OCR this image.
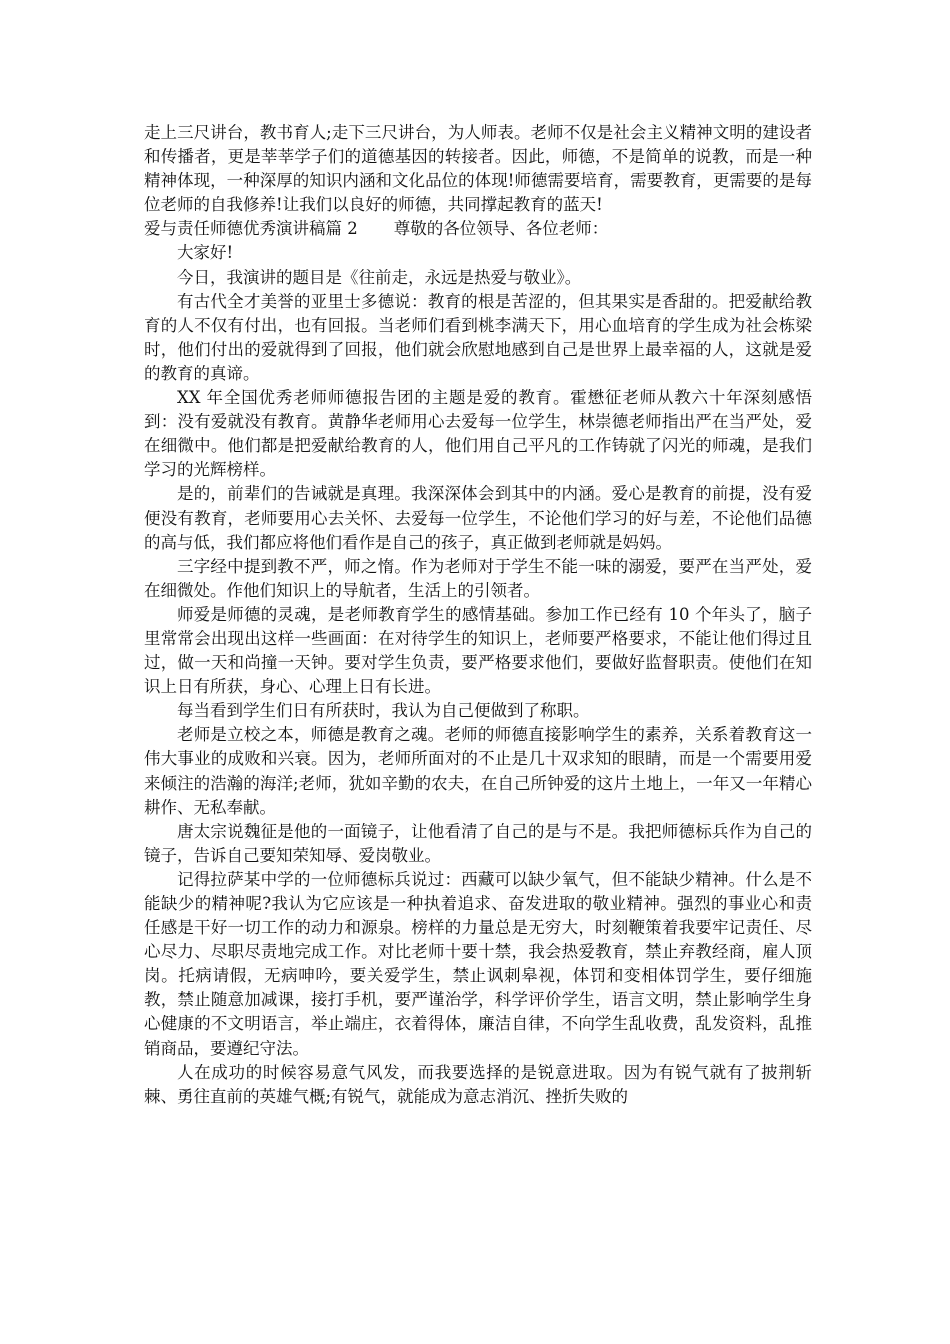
走上三尺讲台，教书育人;走下三尺讲台，为人师表。老师不仅是社会主义精神文明的建设者和传播者，更是莘莘学子们的道德基因的转接者。因此，师德，不是简单的说教，而是一种精神体现，一种深厚的知识内涵和文化品位的体现!师德需要培育，需要教育，更需要的是每位老师的自我修养!让我们以良好的师德，共同撑起教育的蓝天!

爱与责任师德优秀演讲稿篇 2 尊敬的各位领导、各位老师：

大家好!

今日，我演讲的题目是《往前走，永远是热爱与敬业》。

有古代全才美誉的亚里士多德说：教育的根是苦涩的，但其果实是香甜的。把爱献给教育的人不仅有付出，也有回报。当老师们看到桃李满天下，用心血培育的学生成为社会栋梁时，他们付出的爱就得到了回报，他们就会欣慰地感到自己是世界上最幸福的人，这就是爱的教育的真谛。

XX 年全国优秀老师师德报告团的主题是爱的教育。霍懋征老师从教六十年深刻感悟到：没有爱就没有教育。黄静华老师用心去爱每一位学生，林崇德老师指出严在当严处，爱在细微中。他们都是把爱献给教育的人，他们用自己平凡的工作铸就了闪光的师魂，是我们学习的光辉榜样。

是的，前辈们的告诫就是真理。我深深体会到其中的内涵。爱心是教育的前提，没有爱便没有教育，老师要用心去关怀、去爱每一位学生，不论他们学习的好与差，不论他们品德的高与低，我们都应将他们看作是自己的孩子，真正做到老师就是妈妈。

三字经中提到教不严，师之惰。作为老师对于学生不能一味的溺爱，要严在当严处，爱在细微处。作他们知识上的导航者，生活上的引领者。

师爱是师德的灵魂，是老师教育学生的感情基础。参加工作已经有 10 个年头了，脑子里常常会出现出这样一些画面：在对待学生的知识上，老师要严格要求，不能让他们得过且过，做一天和尚撞一天钟。要对学生负责，要严格要求他们，要做好监督职责。使他们在知识上日有所获，身心、心理上日有长进。

每当看到学生们日有所获时，我认为自己便做到了称职。

老师是立校之本，师德是教育之魂。老师的师德直接影响学生的素养，关系着教育这一伟大事业的成败和兴衰。因为，老师所面对的不止是几十双求知的眼睛，而是一个需要用爱来倾注的浩瀚的海洋;老师，犹如辛勤的农夫，在自己所钟爱的这片土地上，一年又一年精心耕作、无私奉献。

唐太宗说魏征是他的一面镜子，让他看清了自己的是与不是。我把师德标兵作为自己的镜子，告诉自己要知荣知辱、爱岗敬业。

记得拉萨某中学的一位师德标兵说过：西藏可以缺少氧气，但不能缺少精神。什么是不能缺少的精神呢?我认为它应该是一种执着追求、奋发进取的敬业精神。强烈的事业心和责任感是干好一切工作的动力和源泉。榜样的力量总是无穷大，时刻鞭策着我要牢记责任、尽心尽力、尽职尽责地完成工作。对比老师十要十禁，我会热爱教育，禁止弃教经商，雇人顶岗。托病请假，无病呻吟，要关爱学生，禁止讽刺皋视，体罚和变相体罚学生，要仔细施教，禁止随意加减课，接打手机，要严谨治学，科学评价学生，语言文明，禁止影响学生身心健康的不文明语言，举止端庄，衣着得体，廉洁自律，不向学生乱收费，乱发资料，乱推销商品，要遵纪守法。

人在成功的时候容易意气风发，而我要选择的是锐意进取。因为有锐气就有了披荆斩棘、勇往直前的英雄气概;有锐气，就能成为意志消沉、挫折失败的
